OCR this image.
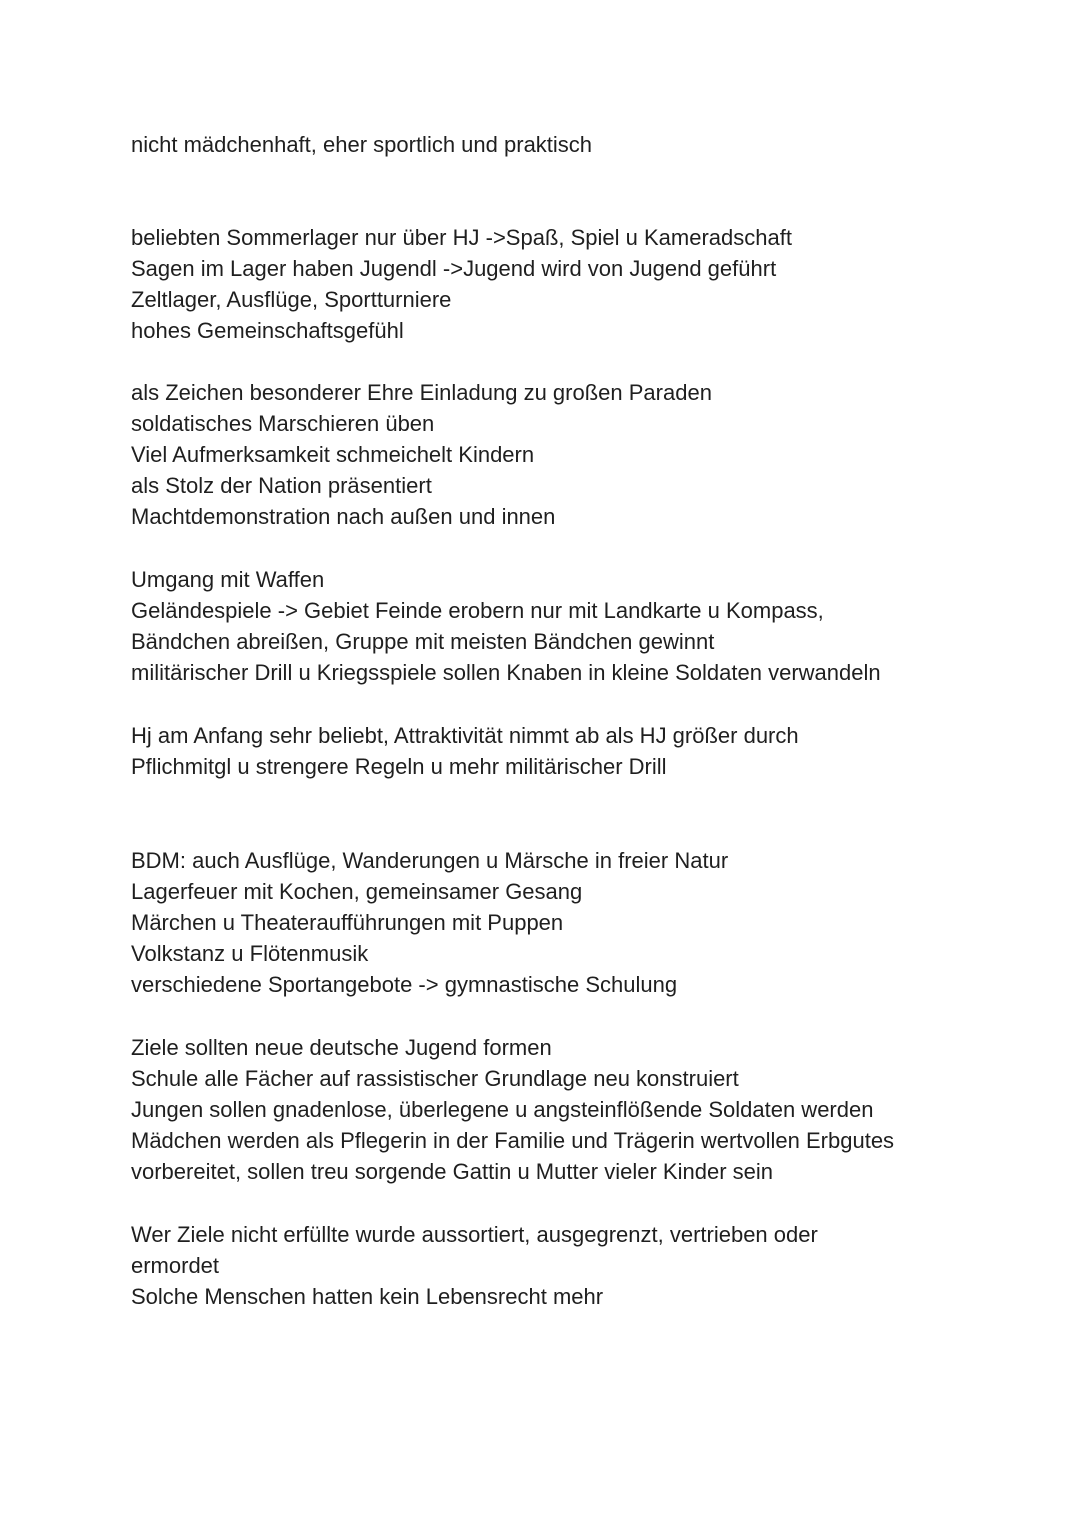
nicht mädchenhaft, eher sportlich und praktisch

beliebten Sommerlager nur über HJ ->Spaß, Spiel u Kameradschaft

Sagen im Lager haben Jugendl ->Jugend wird von Jugend geführt

Zeltlager, Ausflüge, Sportturniere

hohes Gemeinschaftsgefühl

als Zeichen besonderer Ehre Einladung zu großen Paraden

soldatisches Marschieren üben

Viel Aufmerksamkeit schmeichelt Kindern

als Stolz der Nation präsentiert

Machtdemonstration nach außen und innen

Umgang mit Waffen

Geländespiele -> Gebiet Feinde erobern nur mit Landkarte u Kompass,

Bändchen abreißen, Gruppe mit meisten Bändchen gewinnt

militärischer Drill u Kriegsspiele sollen Knaben in kleine Soldaten verwandeln

Hj am Anfang sehr beliebt, Attraktivität nimmt ab als HJ größer durch

Pflichmitgl u strengere Regeln u mehr militärischer Drill

BDM: auch Ausflüge, Wanderungen u Märsche in freier Natur

Lagerfeuer mit Kochen, gemeinsamer Gesang

Märchen u Theateraufführungen mit Puppen

Volkstanz u Flötenmusik

verschiedene Sportangebote -> gymnastische Schulung

Ziele sollten neue deutsche Jugend formen

Schule alle Fächer auf rassistischer Grundlage neu konstruiert

Jungen sollen gnadenlose, überlegene u angsteinflößende Soldaten werden

Mädchen werden als Pflegerin in der Familie und Trägerin wertvollen Erbgutes

vorbereitet, sollen treu sorgende Gattin u Mutter vieler Kinder sein

Wer Ziele nicht erfüllte wurde aussortiert, ausgegrenzt, vertrieben oder

ermordet

Solche Menschen hatten kein Lebensrecht mehr
